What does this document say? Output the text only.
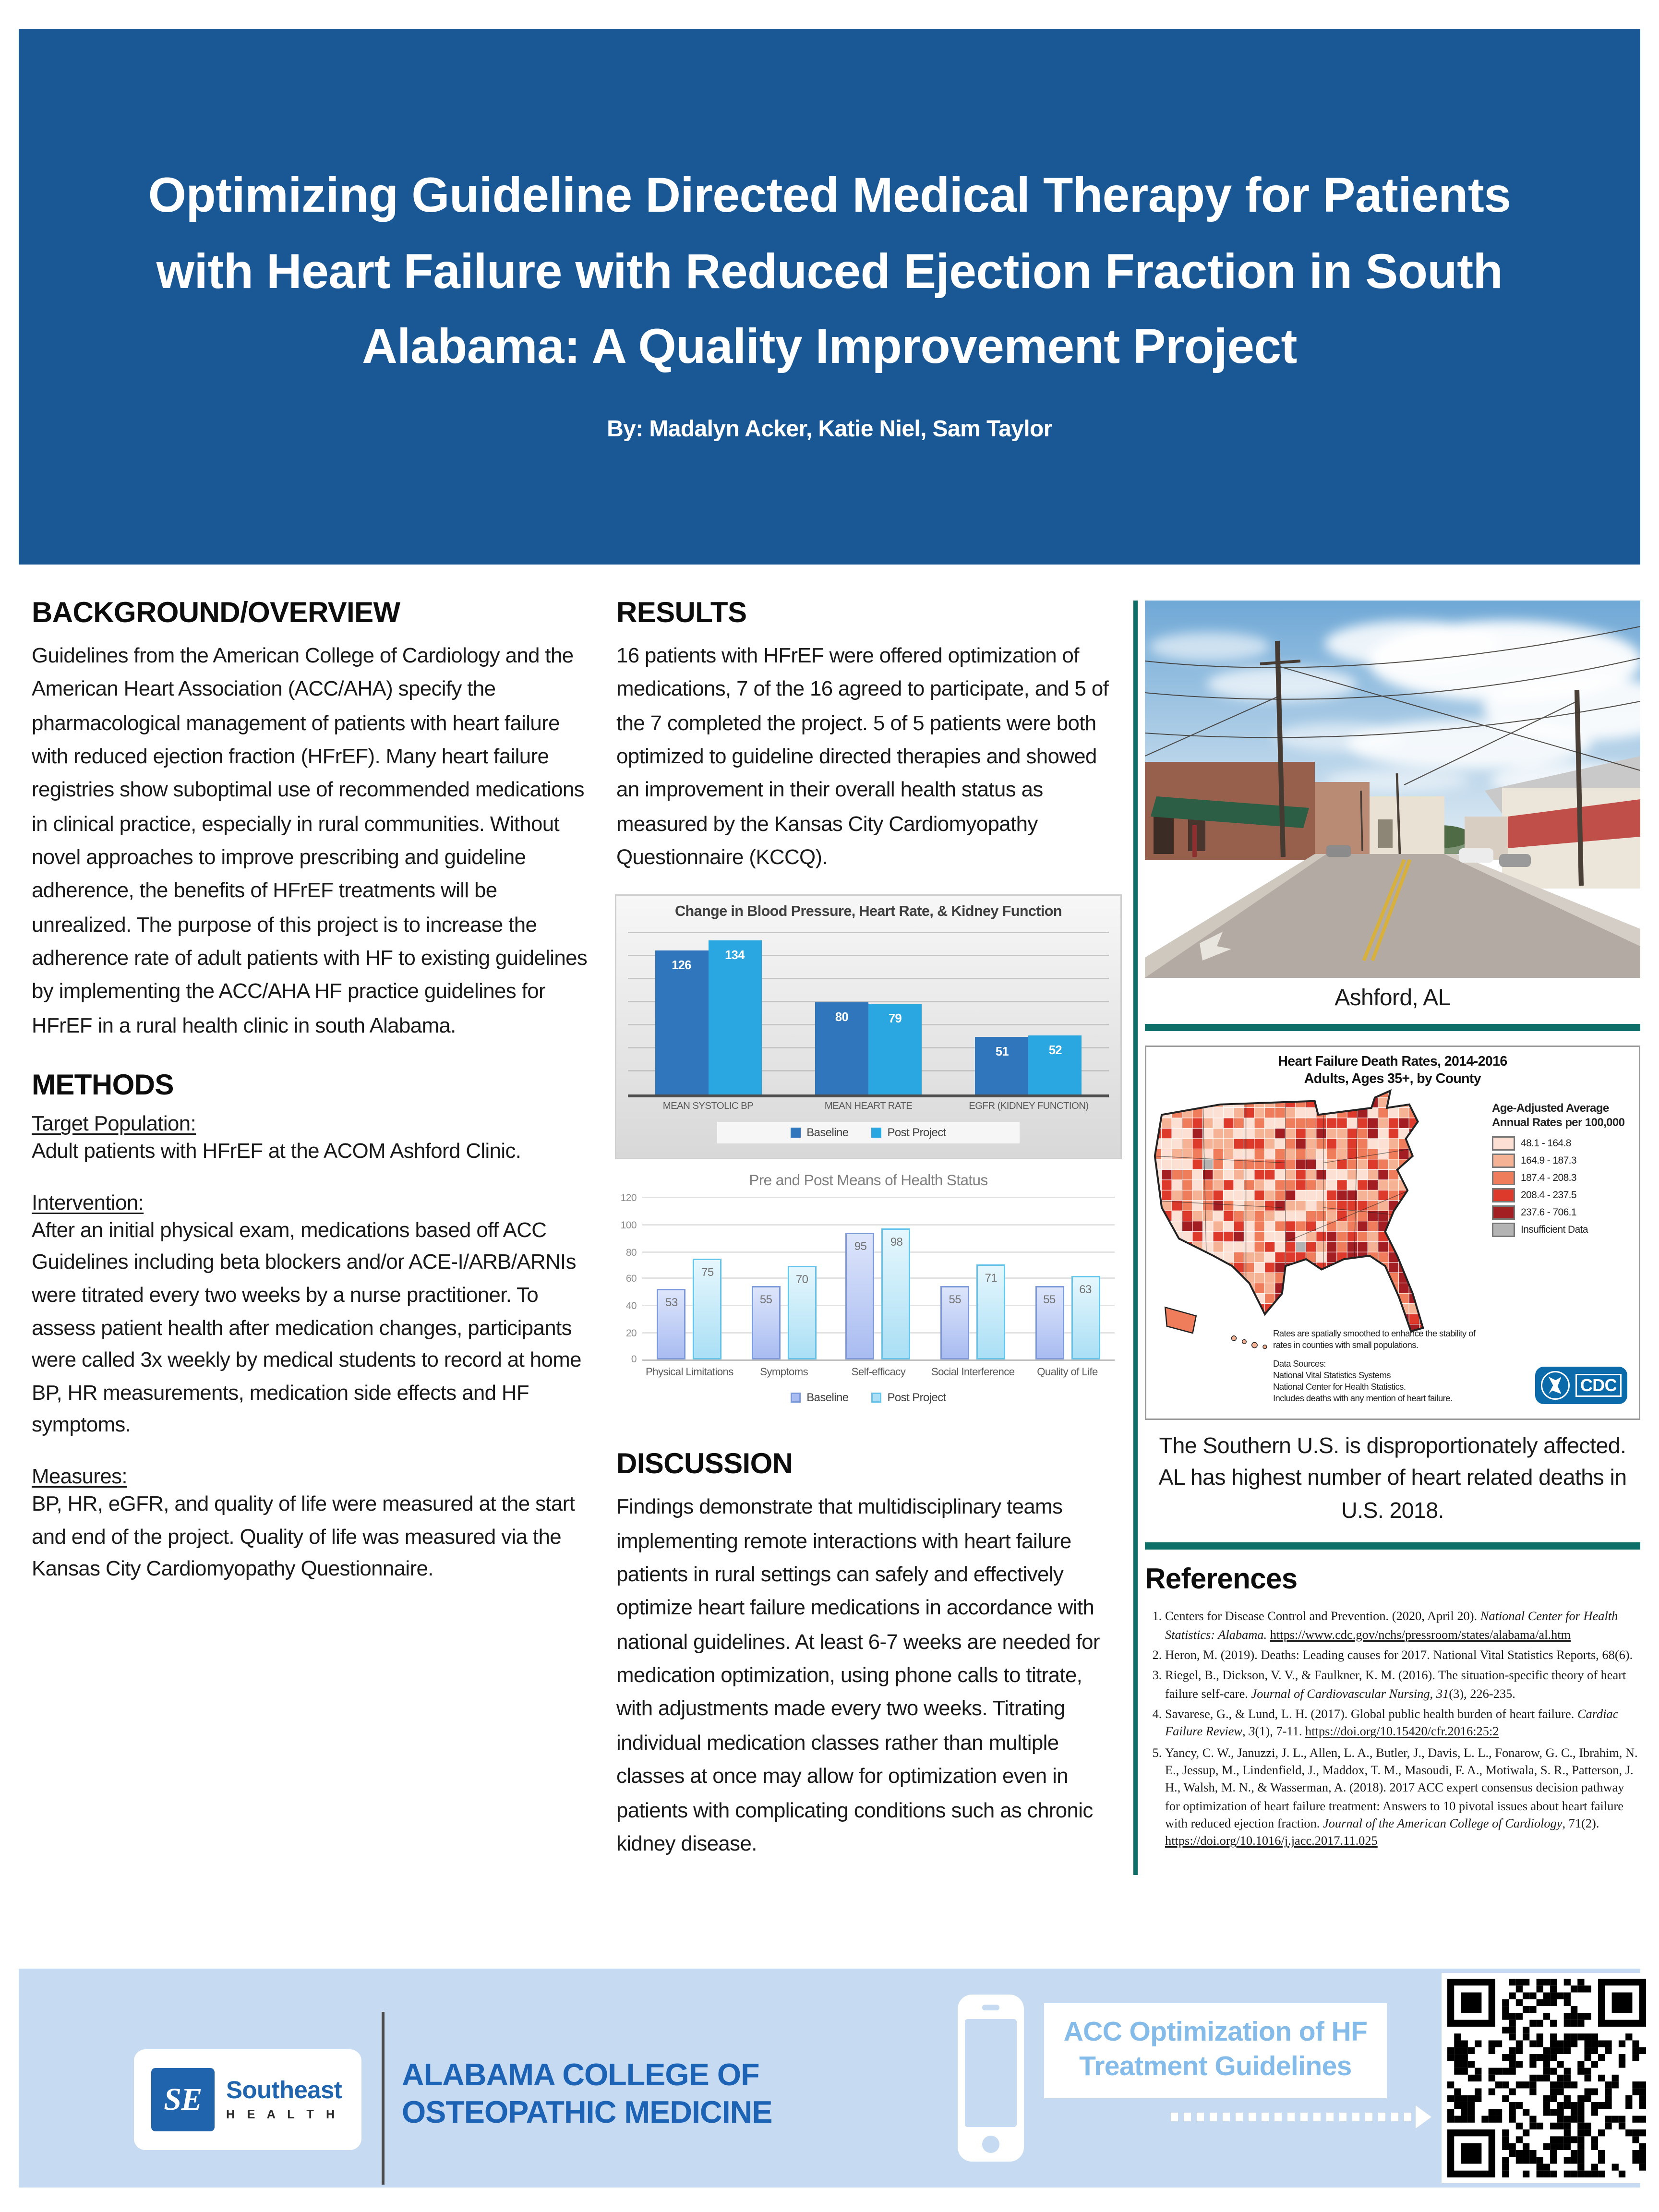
Optimizing Guideline Directed Medical Therapy for Patients with Heart Failure with Reduced Ejection Fraction in South Alabama: A Quality Improvement Project
By: Madalyn Acker, Katie Niel, Sam Taylor
BACKGROUND/OVERVIEW

Guidelines from the American College of Cardiology and the American Heart Association (ACC/AHA) specify the pharmacological management of patients with heart failure with reduced ejection fraction (HFrEF). Many heart failure registries show suboptimal use of recommended medications in clinical practice, especially in rural communities. Without novel approaches to improve prescribing and guideline adherence, the benefits of HFrEF treatments will be unrealized. The purpose of this project is to increase the adherence rate of adult patients with HF to existing guidelines by implementing the ACC/AHA HF practice guidelines for HFrEF in a rural health clinic in south Alabama.

METHODS
Target Population:

Adult patients with HFrEF at the ACOM Ashford Clinic.

Intervention:

After an initial physical exam, medications based off ACC Guidelines including beta blockers and/or ACE-I/ARB/ARNIs were titrated every two weeks by a nurse practitioner. To assess patient health after medication changes, participants were called 3x weekly by medical students to record at home BP, HR measurements, medication side effects and HF symptoms.

Measures:

BP, HR, eGFR, and quality of life were measured at the start and end of the project. Quality of life was measured via the Kansas City Cardiomyopathy Questionnaire.

RESULTS

16 patients with HFrEF were offered optimization of medications, 7 of the 16 agreed to participate, and 5 of the 7 completed the project. 5 of 5 patients were both optimized to guideline directed therapies and showed an improvement in their overall health status as measured by the Kansas City Cardiomyopathy Questionnaire (KCCQ).

Change in Blood Pressure, Heart Rate, & Kidney Function
126
134
80	79
51	52
MEAN SYSTOLIC BP	MEAN HEART RATE	EGFR (KIDNEY FUNCTION)
Baseline	Post Project
Pre and Post Means of Health Status
0
20
40
60
80
100
120
53
75
55
70
95	98
55
71
55
63
Physical Limitations	Symptoms	Self-efficacy	Social Interference	Quality of Life
Baseline	Post Project
DISCUSSION

Findings demonstrate that multidisciplinary teams implementing remote interactions with heart failure patients in rural settings can safely and effectively optimize heart failure medications in accordance with national guidelines. At least 6-7 weeks are needed for medication optimization, using phone calls to titrate, with adjustments made every two weeks. Titrating individual medication classes rather than multiple classes at once may allow for optimization even in patients with complicating conditions such as chronic kidney disease.

Ashford, AL
Heart Failure Death Rates, 2014-2016
Adults, Ages 35+, by County
Age-Adjusted Average Annual Rates per 100,000
48.1 - 164.8
164.9 - 187.3
187.4 - 208.3
208.4 - 237.5
237.6 - 706.1
Insufficient Data
Rates are spatially smoothed to enhance the stability of rates in counties with small populations.
Data Sources:
National Vital Statistics Systems
National Center for Health Statistics.
Includes deaths with any mention of heart failure.
CDC
The Southern U.S. is disproportionately affected.
AL has highest number of heart related deaths in U.S. 2018.
References
1. Centers for Disease Control and Prevention. (2020, April 20). National Center for Health Statistics: Alabama. https://www.cdc.gov/nchs/pressroom/states/alabama/al.htm
2. Heron, M. (2019). Deaths: Leading causes for 2017. National Vital Statistics Reports, 68(6).
3. Riegel, B., Dickson, V. V., & Faulkner, K. M. (2016). The situation-specific theory of heart failure self-care. Journal of Cardiovascular Nursing, 31(3), 226-235.
4. Savarese, G., & Lund, L. H. (2017). Global public health burden of heart failure. Cardiac Failure Review, 3(1), 7-11. https://doi.org/10.15420/cfr.2016:25:2
5. Yancy, C. W., Januzzi, J. L., Allen, L. A., Butler, J., Davis, L. L., Fonarow, G. C., Ibrahim, N. E., Jessup, M., Lindenfield, J., Maddox, T. M., Masoudi, F. A., Motiwala, S. R., Patterson, J. H., Walsh, M. N., & Wasserman, A. (2018). 2017 ACC expert consensus decision pathway for optimization of heart failure treatment: Answers to 10 pivotal issues about heart failure with reduced ejection fraction. Journal of the American College of Cardiology, 71(2). https://doi.org/10.1016/j.jacc.2017.11.025
SE	Southeast
H E A L T H
ALABAMA COLLEGE OF
OSTEOPATHIC MEDICINE
ACC Optimization of HF
Treatment Guidelines
